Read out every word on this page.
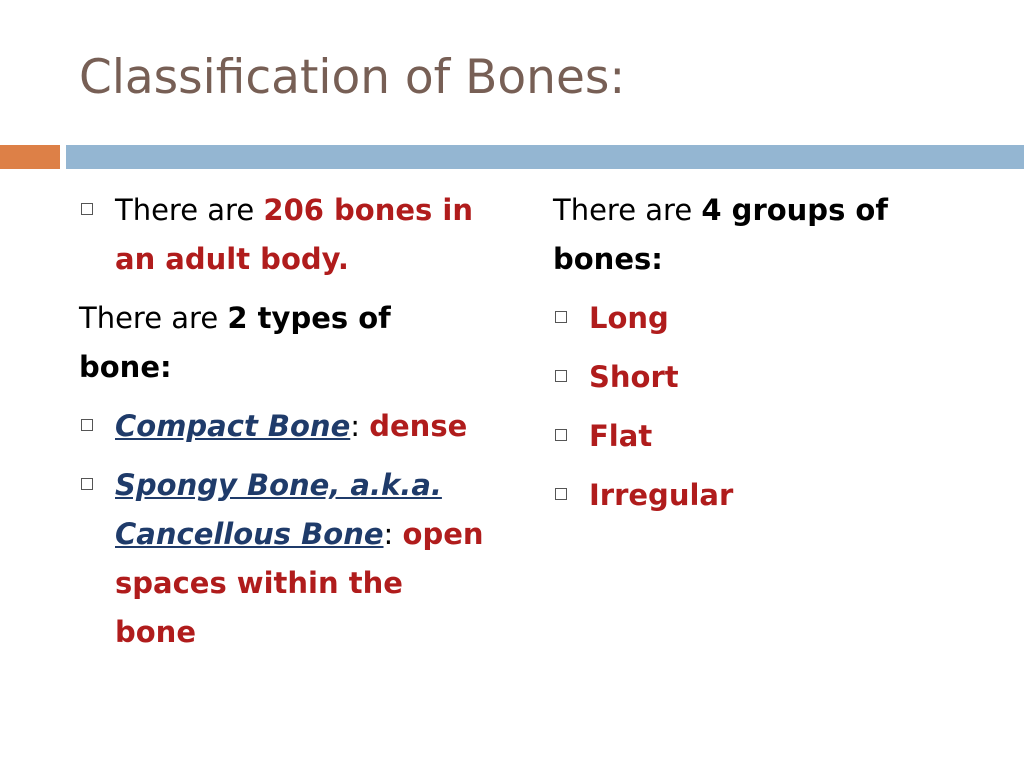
Classification of Bones:
There are 206 bones in an adult body.

There are 2 types of bone:

Compact Bone: dense
Spongy Bone, a.k.a. Cancellous Bone: open spaces within the bone

There are 4 groups of bones:

Long
Short
Flat
Irregular
